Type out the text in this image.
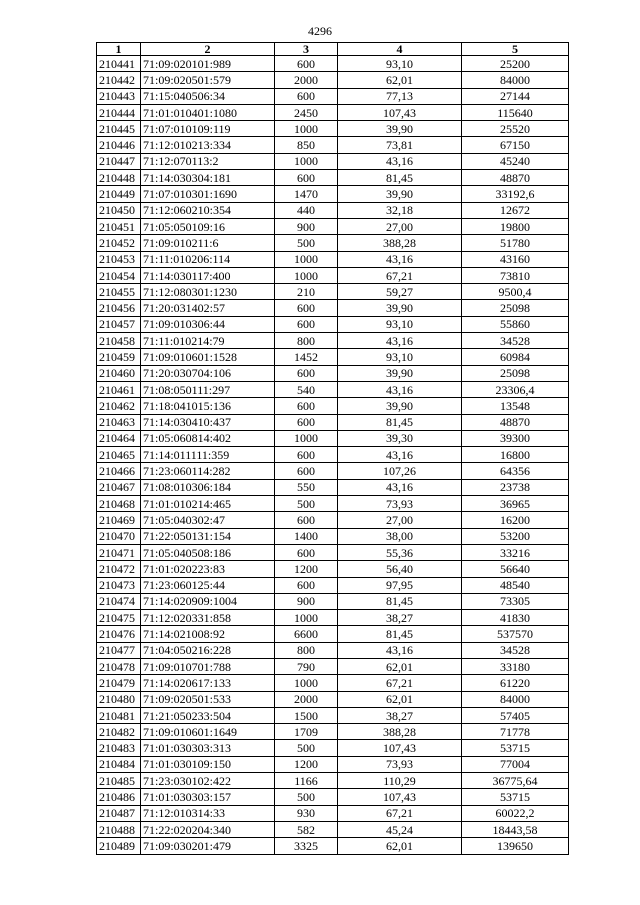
4296
1	2	3	4	5
210441	71:09:020101:989	600	93,10	25200
210442	71:09:020501:579	2000	62,01	84000
210443	71:15:040506:34	600	77,13	27144
210444	71:01:010401:1080	2450	107,43	115640
210445	71:07:010109:119	1000	39,90	25520
210446	71:12:010213:334	850	73,81	67150
210447	71:12:070113:2	1000	43,16	45240
210448	71:14:030304:181	600	81,45	48870
210449	71:07:010301:1690	1470	39,90	33192,6
210450	71:12:060210:354	440	32,18	12672
210451	71:05:050109:16	900	27,00	19800
210452	71:09:010211:6	500	388,28	51780
210453	71:11:010206:114	1000	43,16	43160
210454	71:14:030117:400	1000	67,21	73810
210455	71:12:080301:1230	210	59,27	9500,4
210456	71:20:031402:57	600	39,90	25098
210457	71:09:010306:44	600	93,10	55860
210458	71:11:010214:79	800	43,16	34528
210459	71:09:010601:1528	1452	93,10	60984
210460	71:20:030704:106	600	39,90	25098
210461	71:08:050111:297	540	43,16	23306,4
210462	71:18:041015:136	600	39,90	13548
210463	71:14:030410:437	600	81,45	48870
210464	71:05:060814:402	1000	39,30	39300
210465	71:14:011111:359	600	43,16	16800
210466	71:23:060114:282	600	107,26	64356
210467	71:08:010306:184	550	43,16	23738
210468	71:01:010214:465	500	73,93	36965
210469	71:05:040302:47	600	27,00	16200
210470	71:22:050131:154	1400	38,00	53200
210471	71:05:040508:186	600	55,36	33216
210472	71:01:020223:83	1200	56,40	56640
210473	71:23:060125:44	600	97,95	48540
210474	71:14:020909:1004	900	81,45	73305
210475	71:12:020331:858	1000	38,27	41830
210476	71:14:021008:92	6600	81,45	537570
210477	71:04:050216:228	800	43,16	34528
210478	71:09:010701:788	790	62,01	33180
210479	71:14:020617:133	1000	67,21	61220
210480	71:09:020501:533	2000	62,01	84000
210481	71:21:050233:504	1500	38,27	57405
210482	71:09:010601:1649	1709	388,28	71778
210483	71:01:030303:313	500	107,43	53715
210484	71:01:030109:150	1200	73,93	77004
210485	71:23:030102:422	1166	110,29	36775,64
210486	71:01:030303:157	500	107,43	53715
210487	71:12:010314:33	930	67,21	60022,2
210488	71:22:020204:340	582	45,24	18443,58
210489	71:09:030201:479	3325	62,01	139650
